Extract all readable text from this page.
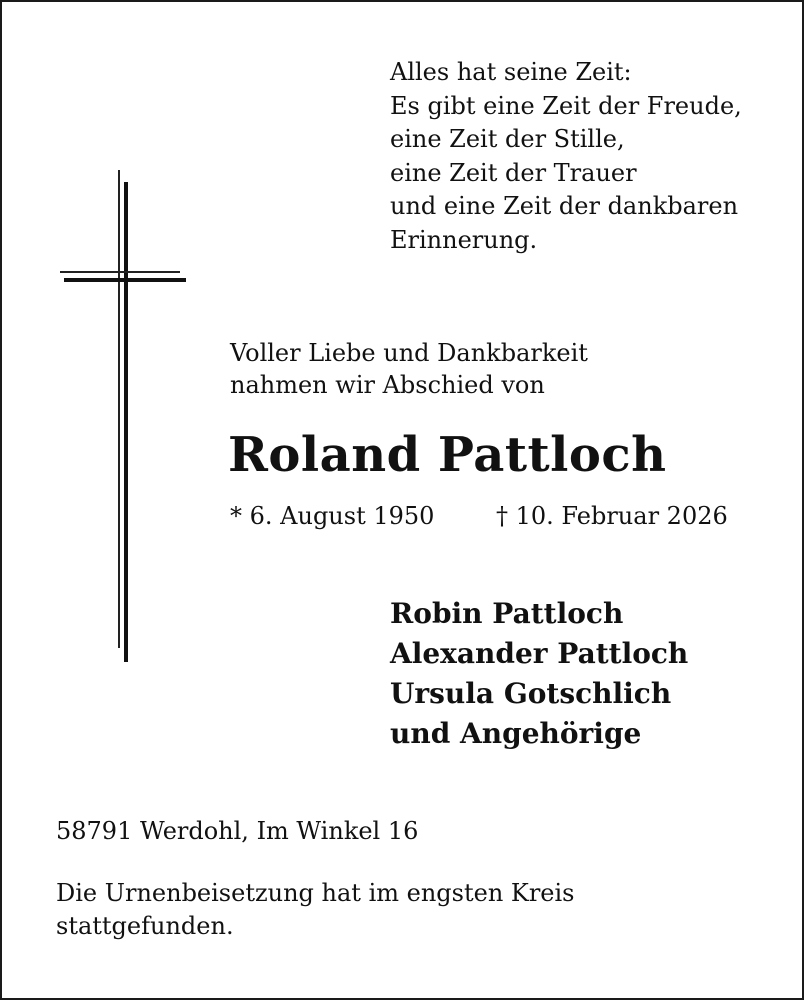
Alles hat seine Zeit:
Es gibt eine Zeit der Freude,
eine Zeit der Stille,
eine Zeit der Trauer
und eine Zeit der dankbaren
Erinnerung.
Voller Liebe und Dankbarkeit
nahmen wir Abschied von
Roland Pattloch
* 6. August 1950	† 10. Februar 2026
Robin Pattloch
Alexander Pattloch
Ursula Gotschlich
und Angehörige
58791 Werdohl, Im Winkel 16
Die Urnenbeisetzung hat im engsten Kreis
stattgefunden.
